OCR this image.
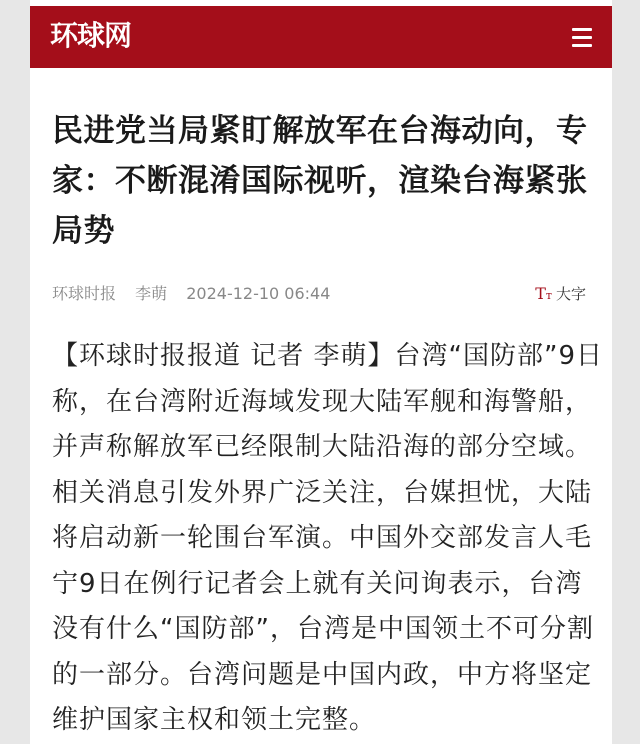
环球网
民进党当局紧盯解放军在台海动向，专家：不断混淆国际视听，渲染台海紧张局势
环球时报 李萌 2024-12-10 06:44	Tт 大字

【环球时报报道 记者 李萌】台湾“国防部”9日称，在台湾附近海域发现大陆军舰和海警船，并声称解放军已经限制大陆沿海的部分空域。相关消息引发外界广泛关注，台媒担忧，大陆将启动新一轮围台军演。中国外交部发言人毛宁9日在例行记者会上就有关问询表示，台湾没有什么“国防部”，台湾是中国领土不可分割的一部分。台湾问题是中国内政，中方将坚定维护国家主权和领土完整。
